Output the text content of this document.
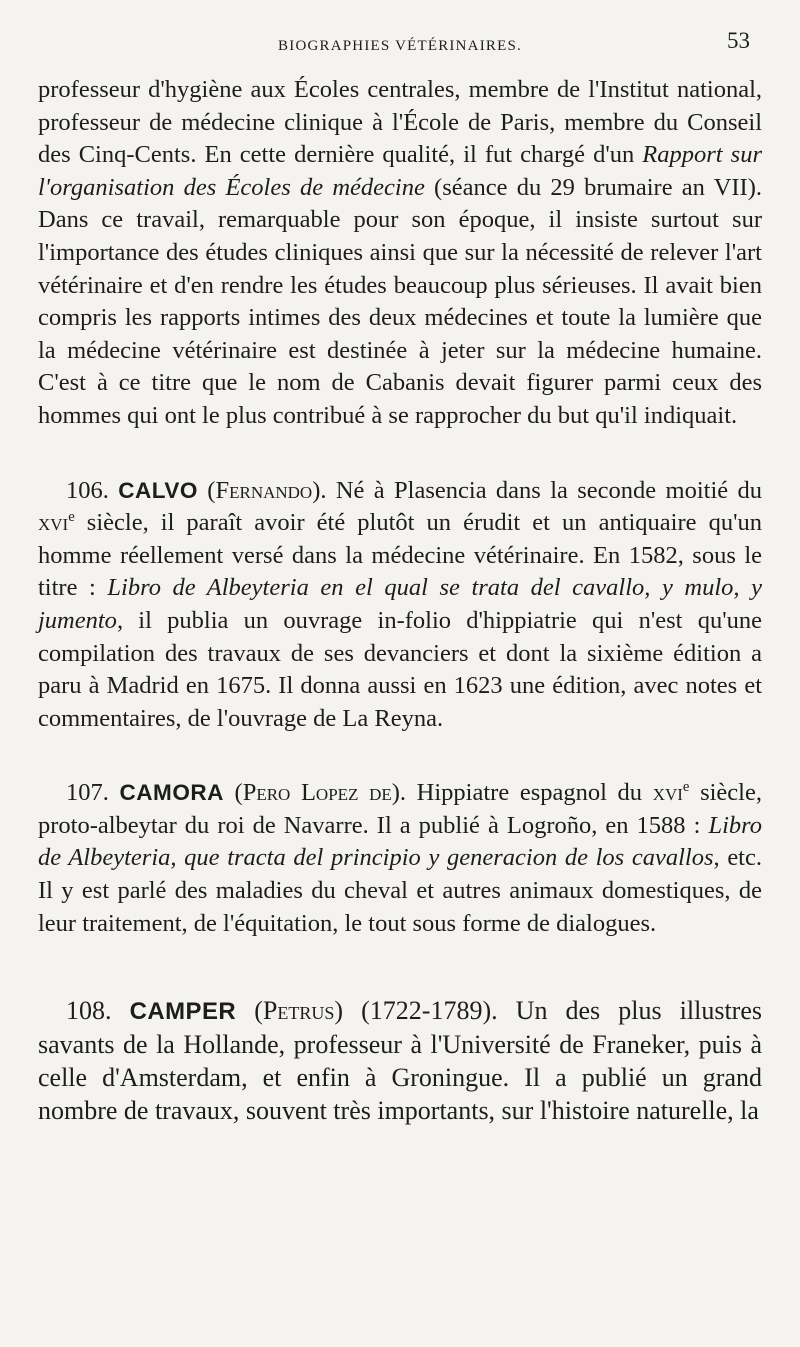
BIOGRAPHIES VÉTÉRINAIRES.	53

professeur d'hygiène aux Écoles centrales, membre de l'Institut national, professeur de médecine clinique à l'École de Paris, membre du Conseil des Cinq-Cents. En cette dernière qualité, il fut chargé d'un Rapport sur l'organisation des Écoles de médecine (séance du 29 brumaire an VII). Dans ce travail, remarquable pour son époque, il insiste surtout sur l'importance des études cliniques ainsi que sur la nécessité de relever l'art vétérinaire et d'en rendre les études beaucoup plus sérieuses. Il avait bien compris les rapports intimes des deux médecines et toute la lumière que la médecine vétérinaire est destinée à jeter sur la médecine humaine. C'est à ce titre que le nom de Cabanis devait figurer parmi ceux des hommes qui ont le plus contribué à se rapprocher du but qu'il indiquait.

106. CALVO (Fernando). Né à Plasencia dans la seconde moitié du xvi$^e$ siècle, il paraît avoir été plutôt un érudit et un antiquaire qu'un homme réellement versé dans la médecine vétérinaire. En 1582, sous le titre : Libro de Albeyteria en el qual se trata del cavallo, y mulo, y jumento, il publia un ouvrage in-folio d'hippiatrie qui n'est qu'une compilation des travaux de ses devanciers et dont la sixième édition a paru à Madrid en 1675. Il donna aussi en 1623 une édition, avec notes et commentaires, de l'ouvrage de La Reyna.

107. CAMORA (Pero Lopez de). Hippiatre espagnol du xvi$^e$ siècle, proto-albeytar du roi de Navarre. Il a publié à Logroño, en 1588 : Libro de Albeyteria, que tracta del principio y generacion de los cavallos, etc. Il y est parlé des maladies du cheval et autres animaux domestiques, de leur traitement, de l'équitation, le tout sous forme de dialogues.

108. CAMPER (Petrus) (1722-1789). Un des plus illustres savants de la Hollande, professeur à l'Université de Franeker, puis à celle d'Amsterdam, et enfin à Groningue. Il a publié un grand nombre de travaux, souvent très importants, sur l'histoire naturelle, la
